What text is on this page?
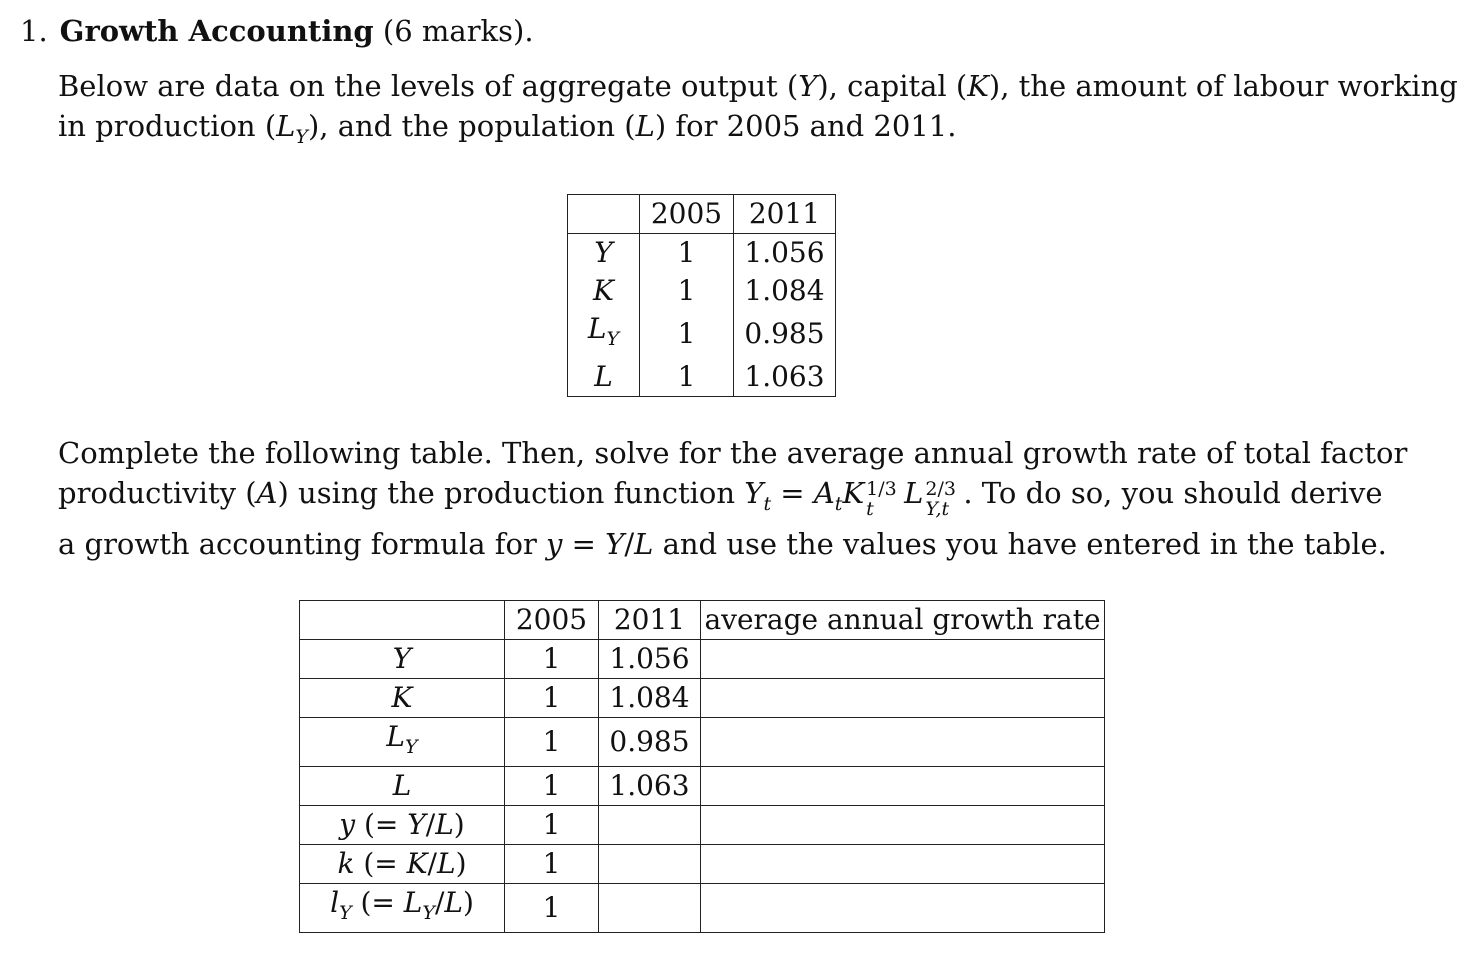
1. Growth Accounting (6 marks).
Below are data on the levels of aggregate output (Y), capital (K), the amount of labour working
in production $(L_Y)$, and the population (L) for 2005 and 2011.
	2005	2011
Y	1	1.056
K	1	1.084
$L_Y$	1	0.985
L	1	1.063
Complete the following table. Then, solve for the average annual growth rate of total factor
productivity (A) using the production function $Y_t = A_tK$ 1/3
t L 2/3
Y,t . To do so, you should derive
a growth accounting formula for y = Y/L and use the values you have entered in the table.
	2005	2011	average annual growth rate
Y	1	1.056	
K	1	1.084	
$L_Y$	1	0.985	
L	1	1.063	
y (= Y/L)	1		
k (= K/L)	1		
$l_Y$ (= $L_Y/L$)	1		
